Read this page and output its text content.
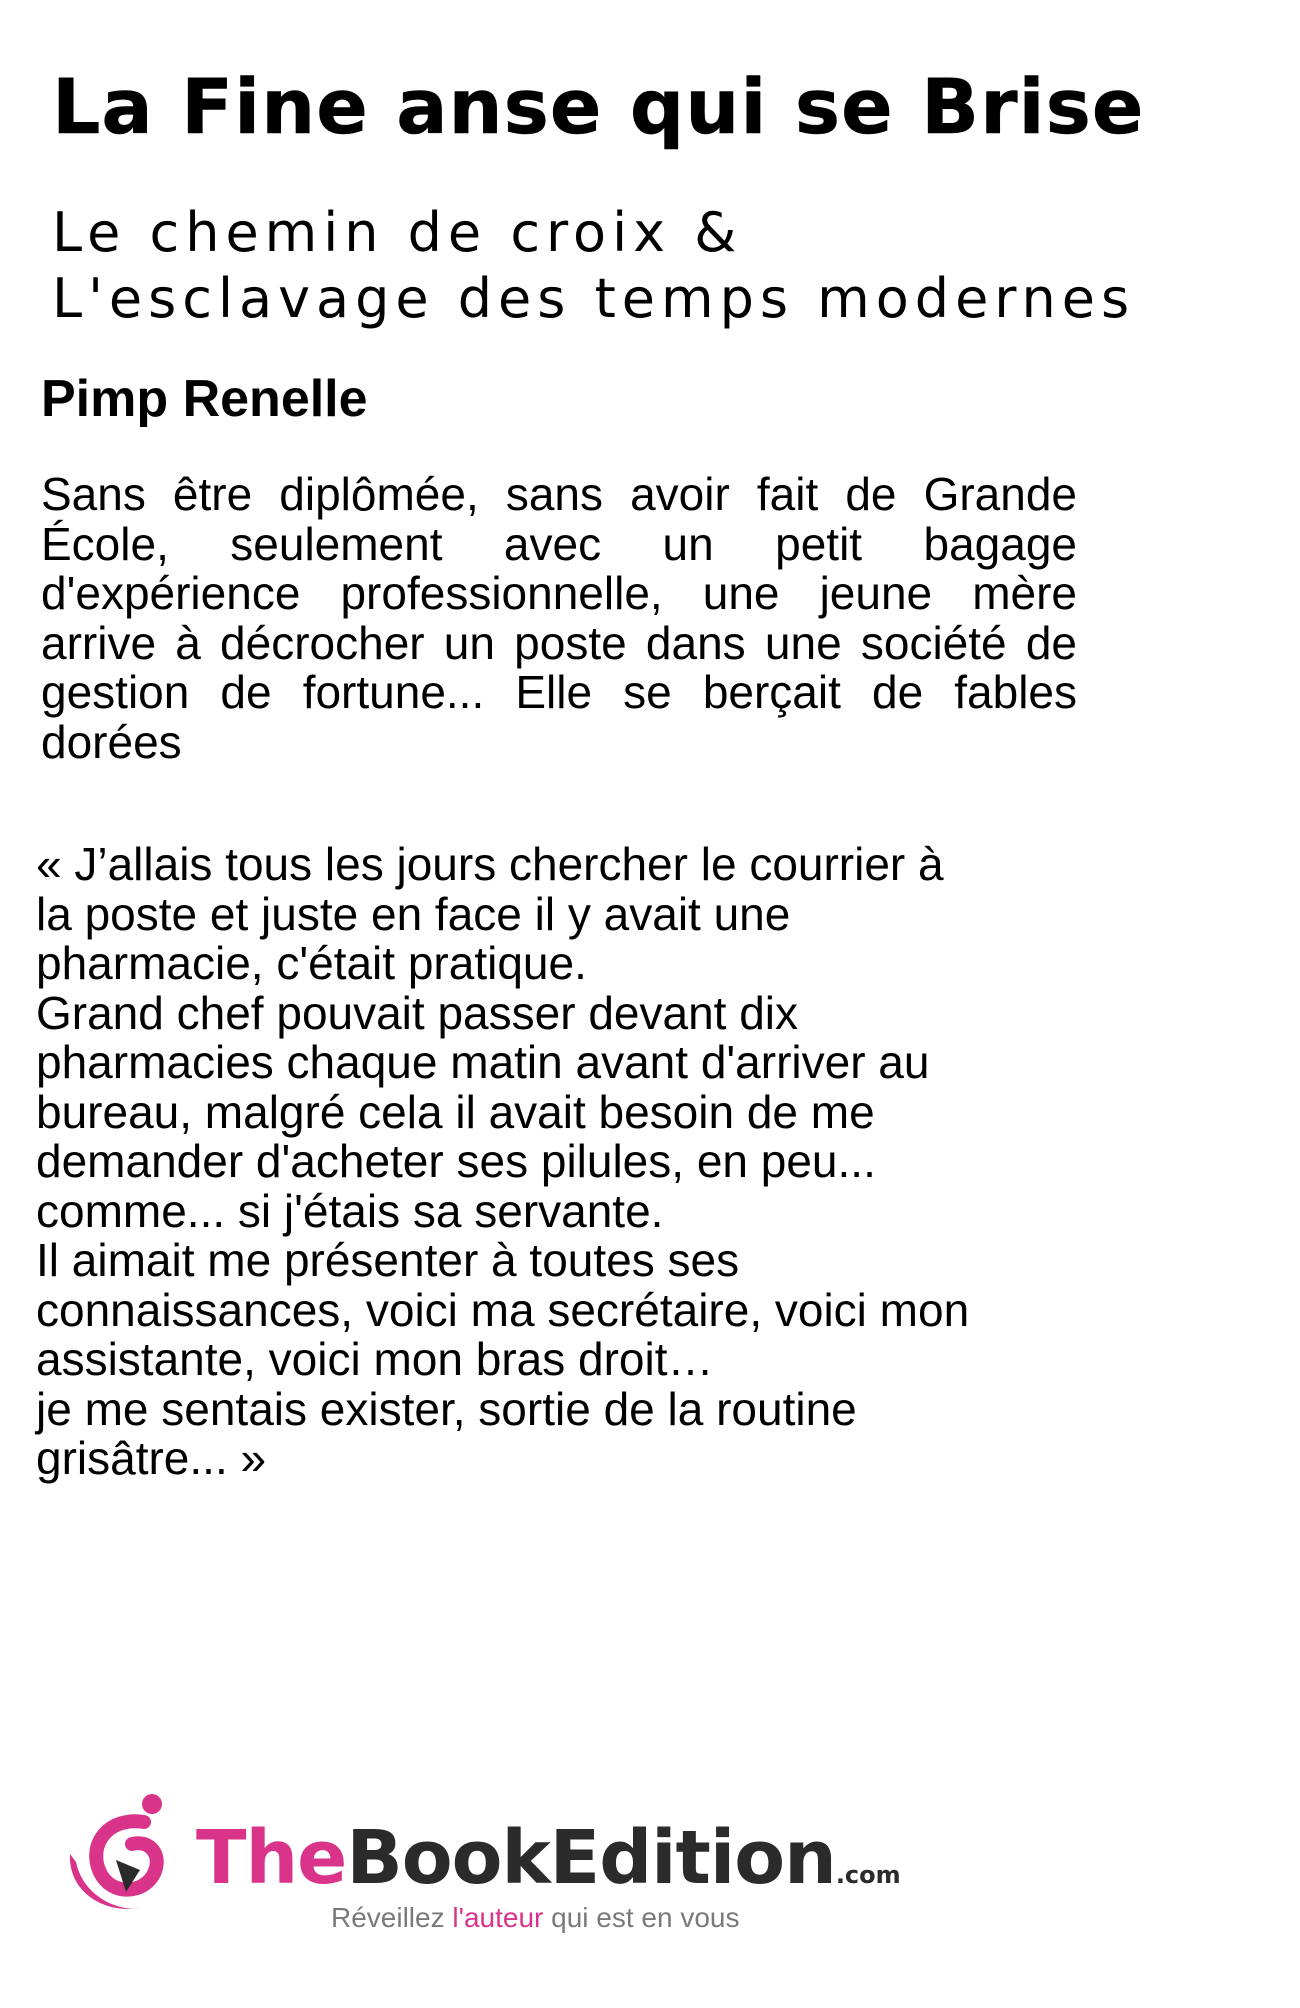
La Fine anse qui se Brise
Le chemin de croix &
L'esclavage des temps modernes
Pimp Renelle

Sans être diplômée, sans avoir fait de Grande École, seulement avec un petit bagage d'expérience professionnelle, une jeune mère arrive à décrocher un poste dans une société de gestion de fortune... Elle se berçait de fables dorées

« J’allais tous les jours chercher le courrier à
la poste et juste en face il y avait une
pharmacie, c'était pratique.
Grand chef pouvait passer devant dix
pharmacies chaque matin avant d'arriver au
bureau, malgré cela il avait besoin de me
demander d'acheter ses pilules, en peu...
comme... si j'étais sa servante.
Il aimait me présenter à toutes ses
connaissances, voici ma secrétaire, voici mon
assistante, voici mon bras droit…
je me sentais exister, sortie de la routine
grisâtre... »
TheBookEdition.com
Réveillez l'auteur qui est en vous
